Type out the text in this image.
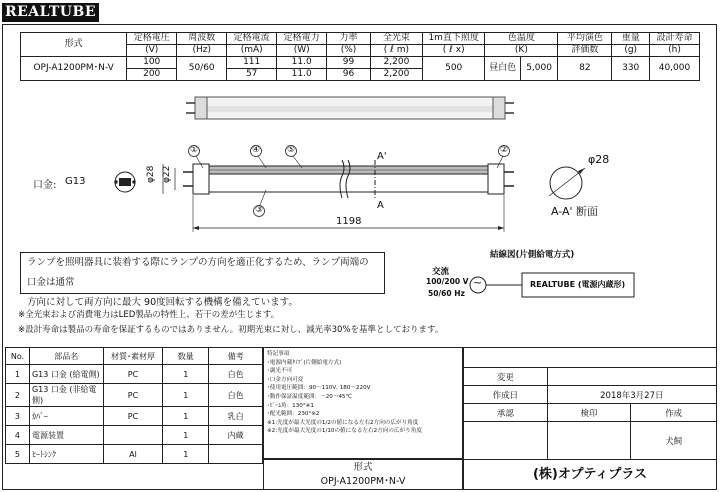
REALTUBE
形式	定格電圧	周波数	定格電流	定格電力	力率	全光束	1m直下照度	色温度		平均演色	重量	設計寿命
	(V)	(Hz)	(mA)	(W)	(%)	( ℓ m)	( ℓ x)	(K)		評価数	(g)	(h)
OPJ-A1200PM･N-V	100	50/60	111	11.0	99	2,200	500	昼白色	5,000	82	330	40,000
	200		57	11.0	96	2,200						
口金: G13	φ28 φ22
1198
A'
A
①	②
③
④	⑤
φ28
A-A' 断面
ランプを照明器具に装着する際にランプの方向を適正化するため、ランプ両端の口金は通常
方向に対して両方向に最大 90度回転する機構を備えています。
結線図(片側給電方式)
交流
100/200 V
50/60 Hz
~	REALTUBE (電源内蔵形)
※全光束および消費電力はLED製品の特性上、若干の差が生じます。
※設計寿命は製品の寿命を保証するものではありません。初期光束に対し、減光率30%を基準としております。
No.	部品名	材質･素材厚	数量	備考
1	G13 口金 (給電側)	PC	1	白色
2	G13 口金 (非給電側)	PC	1	白色
3	ｶﾊﾞｰ	PC	1	乳白
4	電源装置		1	内蔵
5	ﾋｰﾄｼﾝｸ	Al	1	
特記事項
･電源内蔵ﾀｲﾌﾟ(片側給電方式)
･調光不可
･口金方向可変
･使用電圧範囲：90～110V, 180～220V
･動作保証温度範囲：－20～45℃
･ﾋﾞｰﾑ角：130°※1
･配光範囲：230°※2
※1:光度が最大光度の1/2の値になる左右2方向の広がり角度
※2:光度が最大光度の1/10の値になる左右2方向の広がり角度

変更		
作成日	2018年3月27日	
承認	検印	作成
		犬飼
形式
OPJ-A1200PM･N-V	(株)オプティプラス
